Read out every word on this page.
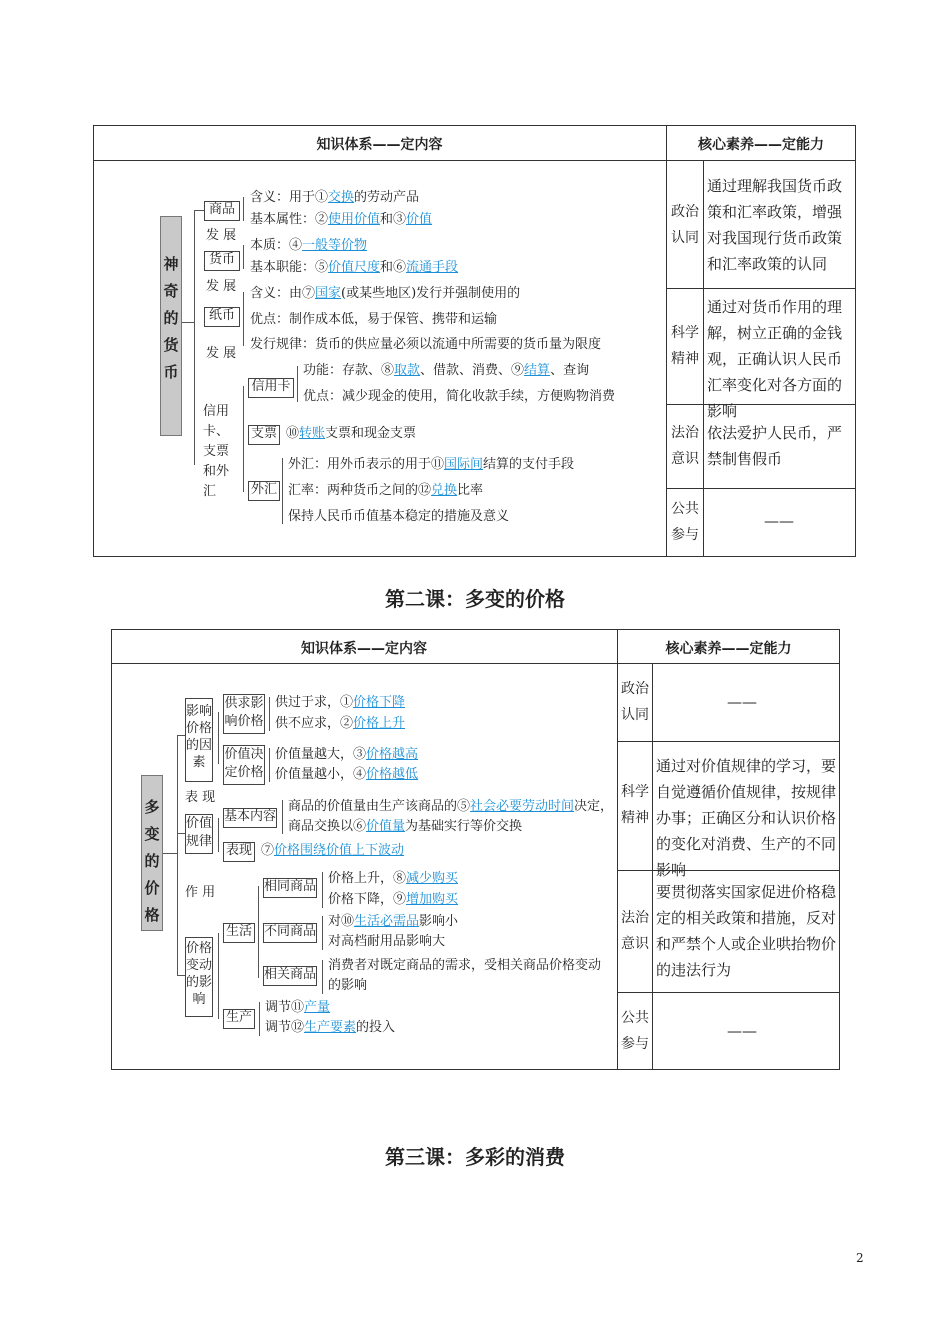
知识体系——定内容	核心素养——定能力
政治认同
通过理解我国货币政策和汇率政策，增强对我国现行货币政策和汇率政策的认同
科学精神
通过对货币作用的理解，树立正确的金钱观，正确认识人民币汇率变化对各方面的影响
法治意识
依法爱护人民币，严禁制售假币
公共参与
——
神奇的货币
商品
发 展
货币
发 展
纸币
发 展
信用卡、支票和外汇
含义：用于①交换的劳动产品
基本属性：②使用价值和③价值
本质：④一般等价物
基本职能：⑤价值尺度和⑥流通手段
含义：由⑦国家(或某些地区)发行并强制使用的
优点：制作成本低，易于保管、携带和运输
发行规律：货币的供应量必须以流通中所需要的货币量为限度
信用卡
功能：存款、⑧取款、借款、消费、⑨结算、查询
优点：减少现金的使用，简化收款手续，方便购物消费
支票 ⑩转账支票和现金支票
外汇
外汇：用外币表示的用于⑪国际间结算的支付手段
汇率：两种货币之间的⑫兑换比率
保持人民币币值基本稳定的措施及意义
第二课：多变的价格
知识体系——定内容	核心素养——定能力
政治认同
——
科学精神
通过对价值规律的学习，要自觉遵循价值规律，按规律办事；正确区分和认识价格的变化对消费、生产的不同影响
法治意识
要贯彻落实国家促进价格稳定的相关政策和措施，反对和严禁个人或企业哄抬物价的违法行为
公共参与
——
多变的价格
影响价格的因素
表 现
价值规律
作 用
价格变动的影响
供求影响价格
供过于求，①价格下降
供不应求，②价格上升
价值决定价格
价值量越大，③价格越高
价值量越小，④价格越低
基本内容
商品的价值量由生产该商品的⑤社会必要劳动时间决定，
商品交换以⑥价值量为基础实行等价交换
表现 ⑦价格围绕价值上下波动
生活
相同商品
价格上升，⑧减少购买
价格下降，⑨增加购买
不同商品
对⑩生活必需品影响小
对高档耐用品影响大
相关商品
消费者对既定商品的需求，受相关商品价格变动
的影响
生产
调节⑪产量
调节⑫生产要素的投入
第三课：多彩的消费
2
